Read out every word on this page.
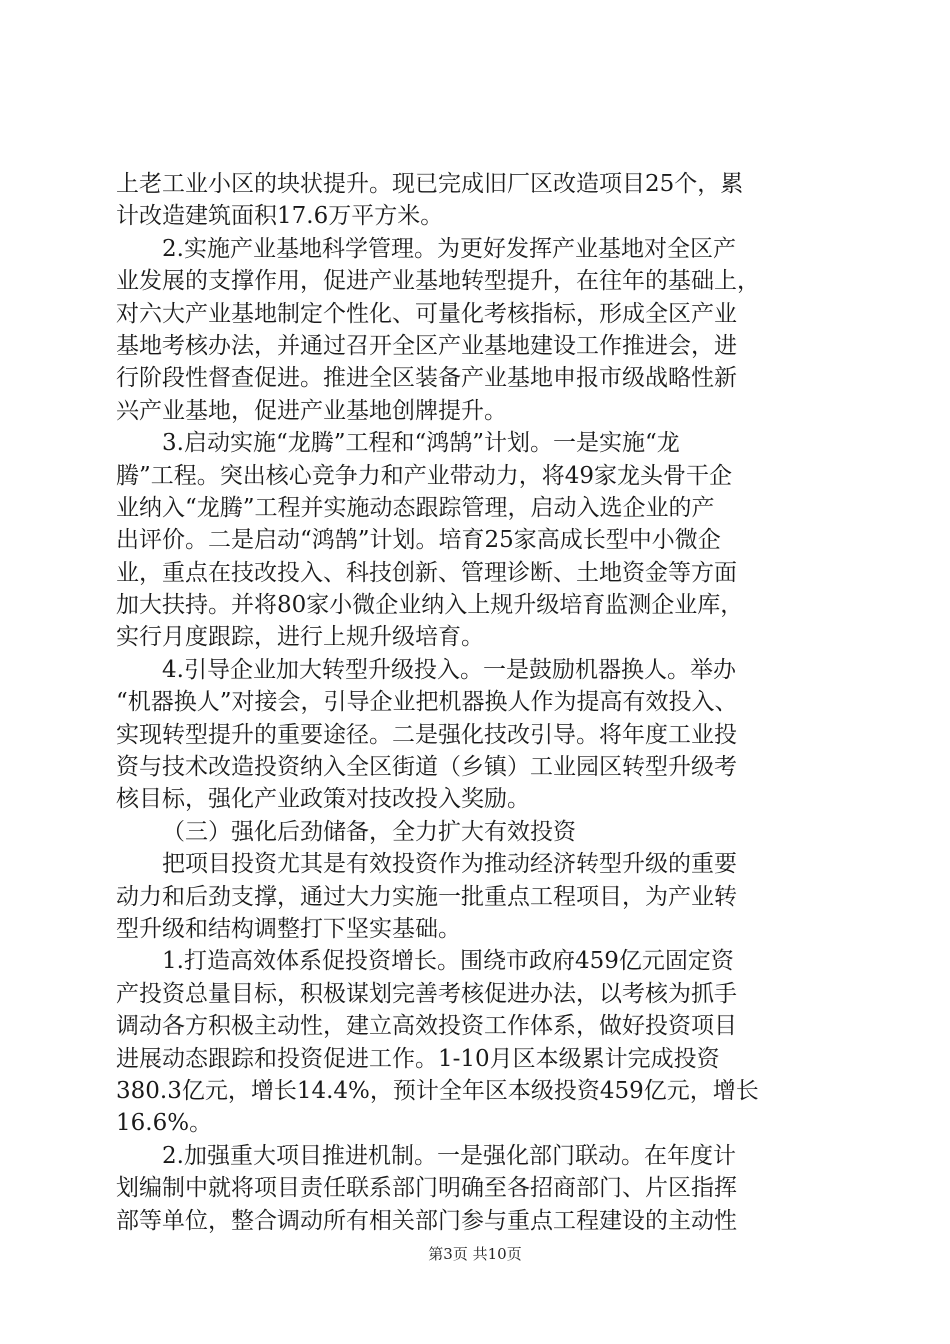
上老工业小区的块状提升。现已完成旧厂区改造项目25个，累
计改造建筑面积17.6万平方米。
2.实施产业基地科学管理。为更好发挥产业基地对全区产
业发展的支撑作用，促进产业基地转型提升，在往年的基础上，
对六大产业基地制定个性化、可量化考核指标，形成全区产业
基地考核办法，并通过召开全区产业基地建设工作推进会，进
行阶段性督查促进。推进全区装备产业基地申报市级战略性新
兴产业基地，促进产业基地创牌提升。
3.启动实施“龙腾”工程和“鸿鹄”计划。一是实施“龙
腾”工程。突出核心竞争力和产业带动力，将49家龙头骨干企
业纳入“龙腾”工程并实施动态跟踪管理，启动入选企业的产
出评价。二是启动“鸿鹄”计划。培育25家高成长型中小微企
业，重点在技改投入、科技创新、管理诊断、土地资金等方面
加大扶持。并将80家小微企业纳入上规升级培育监测企业库，
实行月度跟踪，进行上规升级培育。
4.引导企业加大转型升级投入。一是鼓励机器换人。举办
“机器换人”对接会，引导企业把机器换人作为提高有效投入、
实现转型提升的重要途径。二是强化技改引导。将年度工业投
资与技术改造投资纳入全区街道（乡镇）工业园区转型升级考
核目标，强化产业政策对技改投入奖励。
（三）强化后劲储备，全力扩大有效投资
把项目投资尤其是有效投资作为推动经济转型升级的重要
动力和后劲支撑，通过大力实施一批重点工程项目，为产业转
型升级和结构调整打下坚实基础。
1.打造高效体系促投资增长。围绕市政府459亿元固定资
产投资总量目标，积极谋划完善考核促进办法，以考核为抓手
调动各方积极主动性，建立高效投资工作体系，做好投资项目
进展动态跟踪和投资促进工作。1-10月区本级累计完成投资
380.3亿元，增长14.4%，预计全年区本级投资459亿元，增长
16.6%。
2.加强重大项目推进机制。一是强化部门联动。在年度计
划编制中就将项目责任联系部门明确至各招商部门、片区指挥
部等单位，整合调动所有相关部门参与重点工程建设的主动性
第3页 共10页
